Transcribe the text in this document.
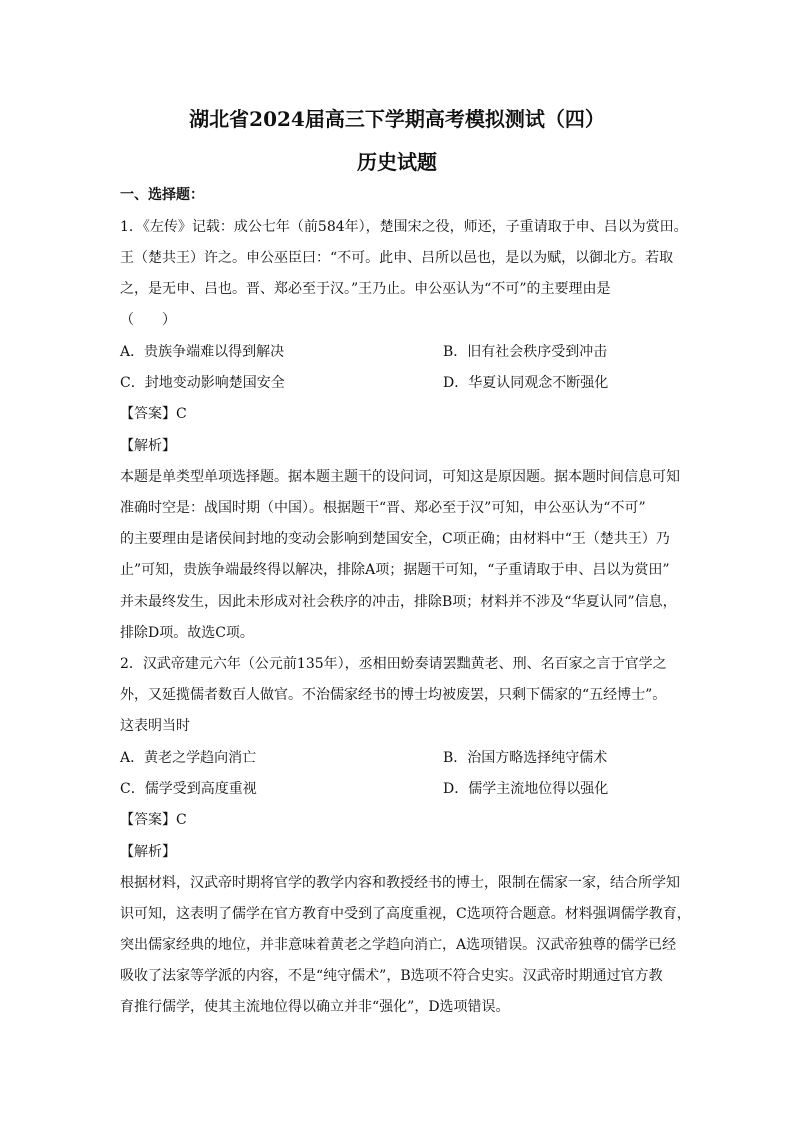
湖北省2024届高三下学期高考模拟测试（四）
历史试题
一、选择题：
1．《左传》记载：成公七年（前584年），楚围宋之役，师还，子重请取于申、吕以为赏田。
王（楚共王）许之。申公巫臣曰：“不可。此申、吕所以邑也，是以为赋，以御北方。若取
之，是无申、吕也。晋、郑必至于汉。”王乃止。申公巫认为“不可”的主要理由是
（　　）
A．贵族争端难以得到解决	B．旧有社会秩序受到冲击
C．封地变动影响楚国安全	D．华夏认同观念不断强化
【答案】C
【解析】
本题是单类型单项选择题。据本题主题干的设问词，可知这是原因题。据本题时间信息可知
准确时空是：战国时期（中国）。根据题干“晋、郑必至于汉”可知，申公巫认为“不可”
的主要理由是诸侯间封地的变动会影响到楚国安全，C项正确；由材料中“王（楚共王）乃
止”可知，贵族争端最终得以解决，排除A项；据题干可知，“子重请取于申、吕以为赏田”
并未最终发生，因此未形成对社会秩序的冲击，排除B项；材料并不涉及“华夏认同”信息，
排除D项。故选C项。
2．汉武帝建元六年（公元前135年），丞相田蚡奏请罢黜黄老、刑、名百家之言于官学之
外，又延揽儒者数百人做官。不治儒家经书的博士均被废罢，只剩下儒家的“五经博士”。
这表明当时
A．黄老之学趋向消亡	B．治国方略选择纯守儒术
C．儒学受到高度重视	D．儒学主流地位得以强化
【答案】C
【解析】
根据材料，汉武帝时期将官学的教学内容和教授经书的博士，限制在儒家一家，结合所学知
识可知，这表明了儒学在官方教育中受到了高度重视，C选项符合题意。材料强调儒学教育，
突出儒家经典的地位，并非意味着黄老之学趋向消亡，A选项错误。汉武帝独尊的儒学已经
吸收了法家等学派的内容，不是“纯守儒术”，B选项不符合史实。汉武帝时期通过官方教
育推行儒学，使其主流地位得以确立并非“强化”，D选项错误。
